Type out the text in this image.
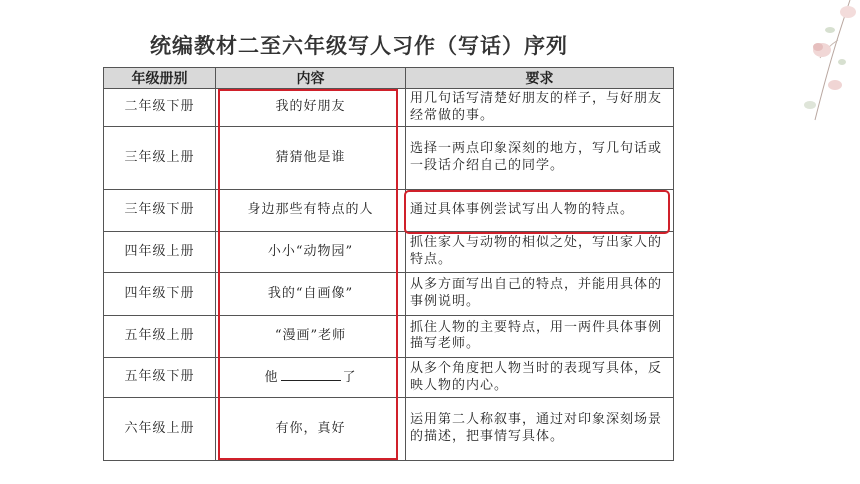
统编教材二至六年级写人习作（写话）序列
年级册别	内容	要求
二年级下册	我的好朋友	用几句话写清楚好朋友的样子，与好朋友经常做的事。
三年级上册	猜猜他是谁	选择一两点印象深刻的地方，写几句话或一段话介绍自己的同学。
三年级下册	身边那些有特点的人	通过具体事例尝试写出人物的特点。
四年级上册	小小“动物园”	抓住家人与动物的相似之处，写出家人的特点。
四年级下册	我的“自画像”	从多方面写出自己的特点，并能用具体的事例说明。
五年级上册	“漫画”老师	抓住人物的主要特点，用一两件具体事例描写老师。
五年级下册	他 了	从多个角度把人物当时的表现写具体，反映人物的内心。
六年级上册	有你，真好	运用第二人称叙事，通过对印象深刻场景的描述，把事情写具体。
